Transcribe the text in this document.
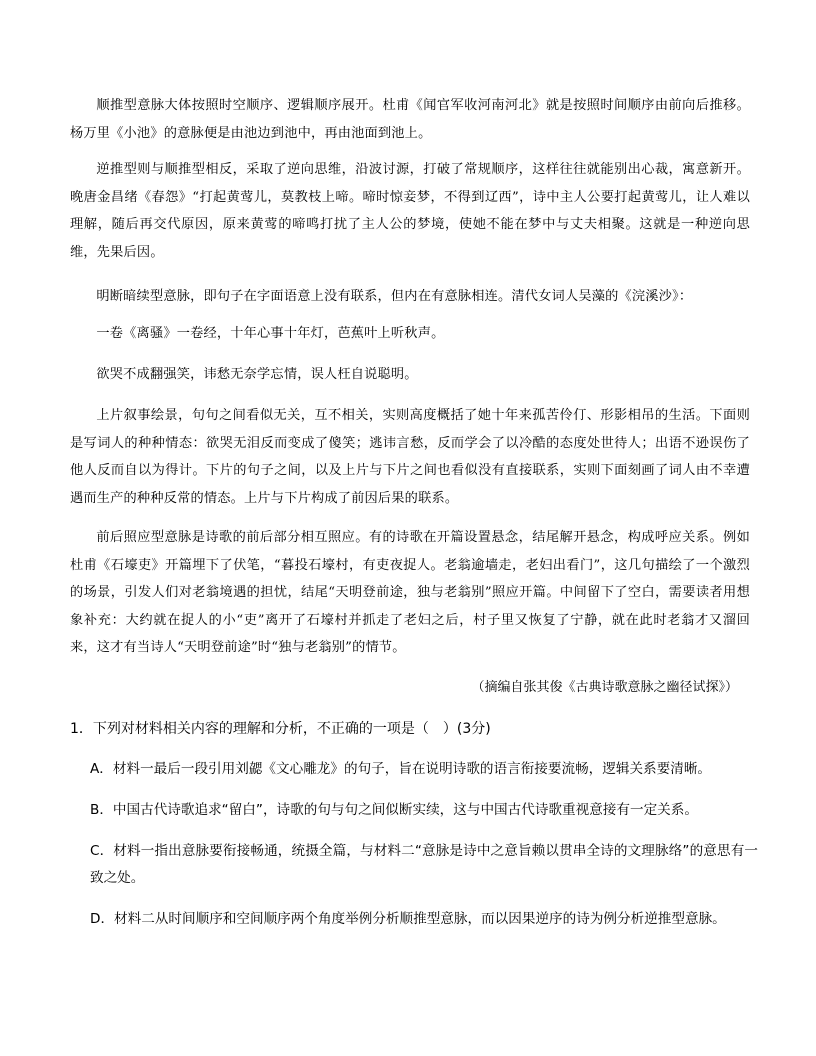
顺推型意脉大体按照时空顺序、逻辑顺序展开。杜甫《闻官军收河南河北》就是按照时间顺序由前向后推移。杨万里《小池》的意脉便是由池边到池中，再由池面到池上。
逆推型则与顺推型相反，采取了逆向思维，沿波讨源，打破了常规顺序，这样往往就能别出心裁，寓意新开。晚唐金昌绪《春怨》“打起黄莺儿，莫教枝上啼。啼时惊妾梦，不得到辽西”，诗中主人公要打起黄莺儿，让人难以理解，随后再交代原因，原来黄莺的啼鸣打扰了主人公的梦境，使她不能在梦中与丈夫相聚。这就是一种逆向思维，先果后因。
明断暗续型意脉，即句子在字面语意上没有联系，但内在有意脉相连。清代女词人吴藻的《浣溪沙》：
一卷《离骚》一卷经，十年心事十年灯，芭蕉叶上听秋声。
欲哭不成翻强笑，讳愁无奈学忘情，误人枉自说聪明。
上片叙事绘景，句句之间看似无关，互不相关，实则高度概括了她十年来孤苦伶仃、形影相吊的生活。下面则是写词人的种种情态：欲哭无泪反而变成了傻笑；逃讳言愁，反而学会了以冷酷的态度处世待人；出语不逊误伤了他人反而自以为得计。下片的句子之间，以及上片与下片之间也看似没有直接联系，实则下面刻画了词人由不幸遭遇而生产的种种反常的情态。上片与下片构成了前因后果的联系。
前后照应型意脉是诗歌的前后部分相互照应。有的诗歌在开篇设置悬念，结尾解开悬念，构成呼应关系。例如杜甫《石壕吏》开篇埋下了伏笔，“暮投石壕村，有吏夜捉人。老翁逾墙走，老妇出看门”，这几句描绘了一个激烈的场景，引发人们对老翁境遇的担忧，结尾“天明登前途，独与老翁别”照应开篇。中间留下了空白，需要读者用想象补充：大约就在捉人的小“吏”离开了石壕村并抓走了老妇之后，村子里又恢复了宁静，就在此时老翁才又溜回来，这才有当诗人“天明登前途”时“独与老翁别”的情节。
（摘编自张其俊《古典诗歌意脉之幽径试探》）
1．下列对材料相关内容的理解和分析，不正确的一项是（　）(3分)
A．材料一最后一段引用刘勰《文心雕龙》的句子，旨在说明诗歌的语言衔接要流畅，逻辑关系要清晰。
B．中国古代诗歌追求“留白”，诗歌的句与句之间似断实续，这与中国古代诗歌重视意接有一定关系。
C．材料一指出意脉要衔接畅通，统摄全篇，与材料二“意脉是诗中之意旨赖以贯串全诗的文理脉络”的意思有一致之处。
D．材料二从时间顺序和空间顺序两个角度举例分析顺推型意脉，而以因果逆序的诗为例分析逆推型意脉。
